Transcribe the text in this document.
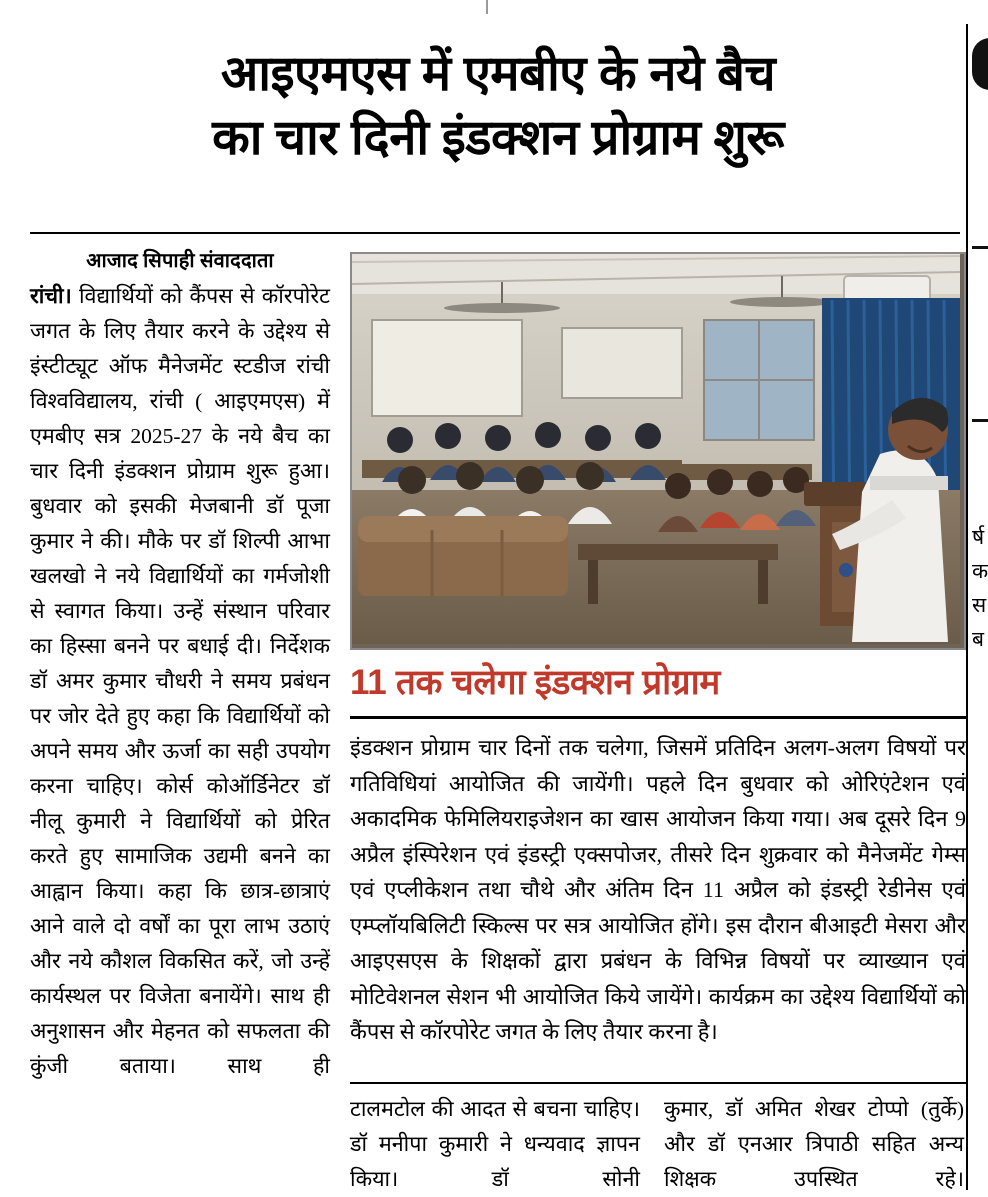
आइएमएस में एमबीए के नये बैच
का चार दिनी इंडक्शन प्रोग्राम शुरू
आजाद सिपाही संवाददाता
रांची। विद्यार्थियों को कैंपस से कॉरपोरेट जगत के लिए तैयार करने के उद्देश्य से इंस्टीट्यूट ऑफ मैनेजमेंट स्टडीज रांची विश्वविद्यालय, रांची ( आइएमएस) में एमबीए सत्र 2025-27 के नये बैच का चार दिनी इंडक्शन प्रोग्राम शुरू हुआ। बुधवार को इसकी मेजबानी डॉ पूजा कुमार ने की। मौके पर डॉ शिल्पी आभा खलखो ने नये विद्यार्थियों का गर्मजोशी से स्वागत किया। उन्हें संस्थान परिवार का हिस्सा बनने पर बधाई दी। निर्देशक डॉ अमर कुमार चौधरी ने समय प्रबंधन पर जोर देते हुए कहा कि विद्यार्थियों को अपने समय और ऊर्जा का सही उपयोग करना चाहिए। कोर्स कोऑर्डिनेटर डॉ नीलू कुमारी ने विद्यार्थियों को प्रेरित करते हुए सामाजिक उद्यमी बनने का आह्वान किया। कहा कि छात्र-छात्राएं आने वाले दो वर्षों का पूरा लाभ उठाएं और नये कौशल विकसित करें, जो उन्हें कार्यस्थल पर विजेता बनायेंगे। साथ ही अनुशासन और मेहनत को सफलता की कुंजी बताया। साथ ही
11 तक चलेगा इंडक्शन प्रोग्राम
इंडक्शन प्रोग्राम चार दिनों तक चलेगा, जिसमें प्रतिदिन अलग-अलग विषयों पर गतिविधियां आयोजित की जायेंगी। पहले दिन बुधवार को ओरिएंटेशन एवं अकादमिक फेमिलियराइजेशन का खास आयोजन किया गया। अब दूसरे दिन 9 अप्रैल इंस्पिरेशन एवं इंडस्ट्री एक्सपोजर, तीसरे दिन शुक्रवार को मैनेजमेंट गेम्स एवं एप्लीकेशन तथा चौथे और अंतिम दिन 11 अप्रैल को इंडस्ट्री रेडीनेस एवं एम्प्लॉयबिलिटी स्किल्स पर सत्र आयोजित होंगे। इस दौरान बीआइटी मेसरा और आइएसएस के शिक्षकों द्वारा प्रबंधन के विभिन्न विषयों पर व्याख्यान एवं मोटिवेशनल सेशन भी आयोजित किये जायेंगे। कार्यक्रम का उद्देश्य विद्यार्थियों को कैंपस से कॉरपोरेट जगत के लिए तैयार करना है।
टालमटोल की आदत से बचना चाहिए। डॉ मनीपा कुमारी ने धन्यवाद ज्ञापन किया। डॉ सोनी
कुमार, डॉ अमित शेखर टोप्पो (तुर्के) और डॉ एनआर त्रिपाठी सहित अन्य शिक्षक उपस्थित रहे।
र्ष क स ब
